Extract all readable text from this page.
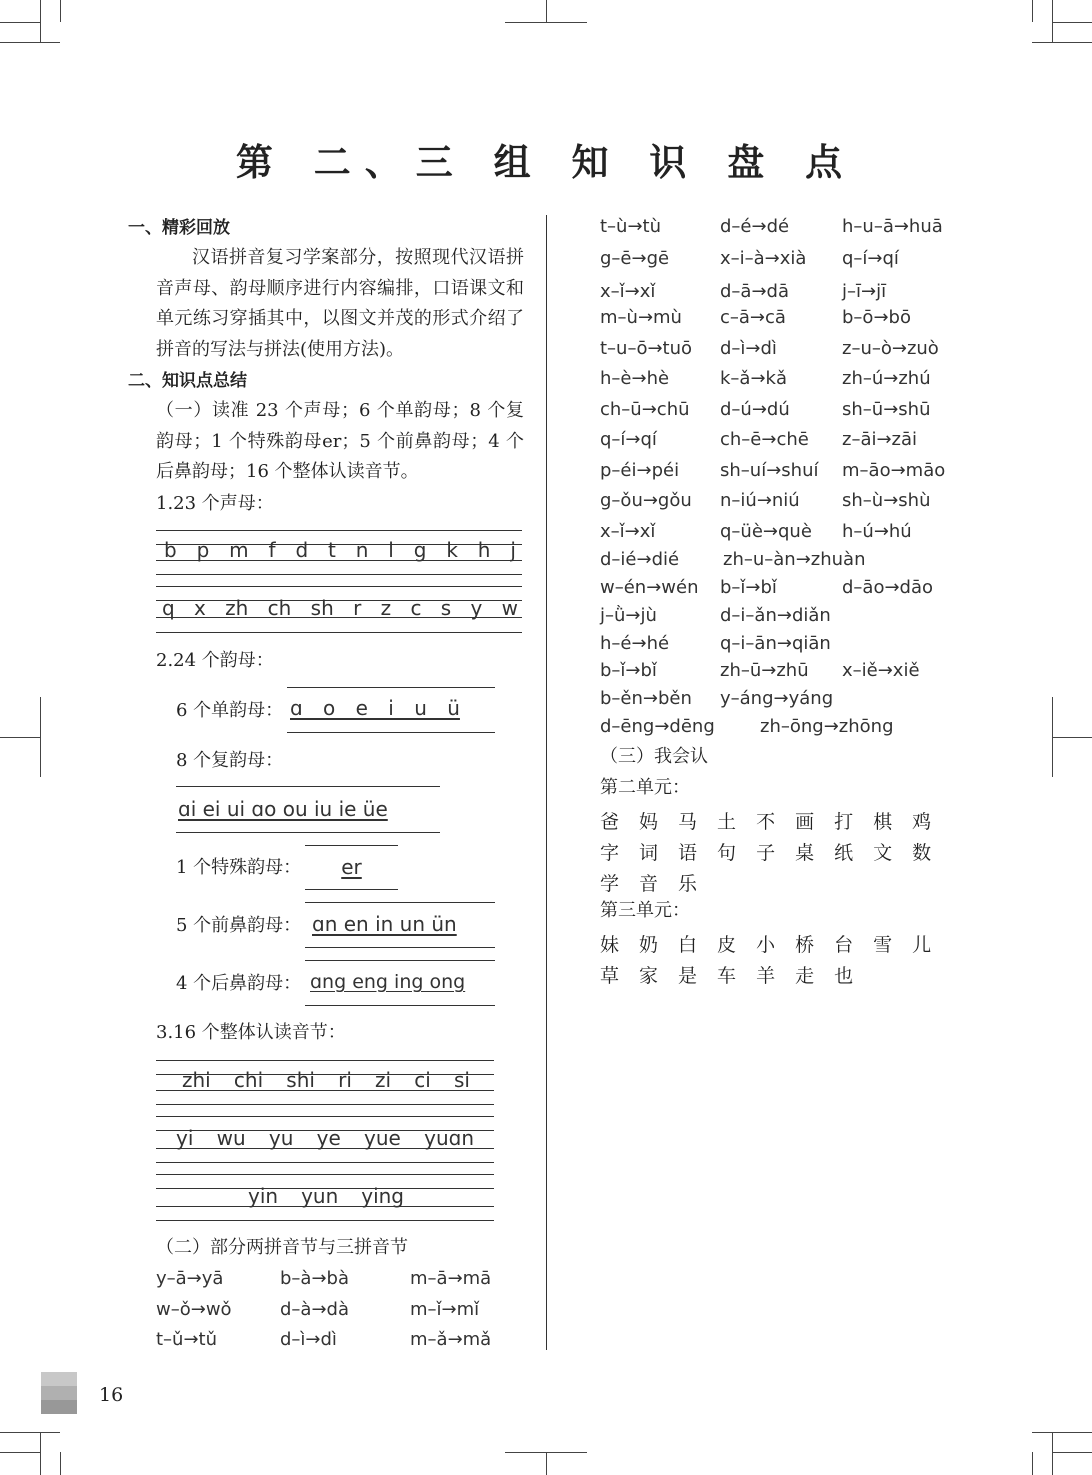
第 二、三 组 知 识 盘 点
一、精彩回放
汉语拼音复习学案部分，按照现代汉语拼音声母、韵母顺序进行内容编排，口语课文和单元练习穿插其中，以图文并茂的形式介绍了拼音的写法与拼法(使用方法)。
二、知识点总结
（一）读准 23 个声母；6 个单韵母；8 个复韵母；1 个特殊韵母er；5 个前鼻韵母；4 个后鼻韵母；16 个整体认读音节。
1.23 个声母：
b p m f d t n l g k h j
q x zh ch sh r z c s y w
2.24 个韵母：
6 个单韵母： ɑ o e i u ü
8 个复韵母：
ɑi ei ui ɑo ou iu ie üe
1 个特殊韵母：	er
5 个前鼻韵母： ɑn en in un ün
4 个后鼻韵母： ɑng eng ing ong
3.16 个整体认读音节：
zhi chi shi ri zi ci si
yi wu yu ye yue yuɑn
yin yun ying
（二）部分两拼音节与三拼音节
y–ā→yā	b–à→bà	m–ā→mā
w–ǒ→wǒ	d–à→dà	m–ǐ→mǐ
t–ǔ→tǔ	d–ì→dì	m–ǎ→mǎ
t–ù→tù	d–é→dé	h–u–ā→huā
g–ē→gē	x–i–à→xià q–í→qí
x–ǐ→xǐ	d–ā→dā	j–ī→jī
m–ù→mù c–ā→cā	b–ō→bō
t–u–ō→tuō d–ì→dì	z–u–ò→zuò
h–è→hè	k–ǎ→kǎ	zh–ú→zhú
ch–ū→chū d–ú→dú	sh–ū→shū
q–í→qí	ch–ē→chē z–āi→zāi
p–éi→péi sh–uí→shuí m–āo→māo
g–ǒu→gǒu n–iú→niú sh–ù→shù
x–ǐ→xǐ	q–üè→què h–ú→hú
d–ié→dié zh–u–àn→zhuàn
w–én→wén b–ǐ→bǐ	d–āo→dāo
j–ǜ→jù	d–i–ǎn→diǎn
h–é→hé	q–i–ān→qiān
b–ǐ→bǐ	zh–ū→zhū x–iě→xiě
b–ěn→běn y–áng→yáng
d–ēng→dēng	zh–ōng→zhōng
（三）我会认
第二单元：
爸 妈 马 土 不 画 打 棋 鸡
字 词 语 句 子 桌 纸 文 数
学 音 乐
第三单元：
妹 奶 白 皮 小 桥 台 雪 儿
草 家 是 车 羊 走 也
16
